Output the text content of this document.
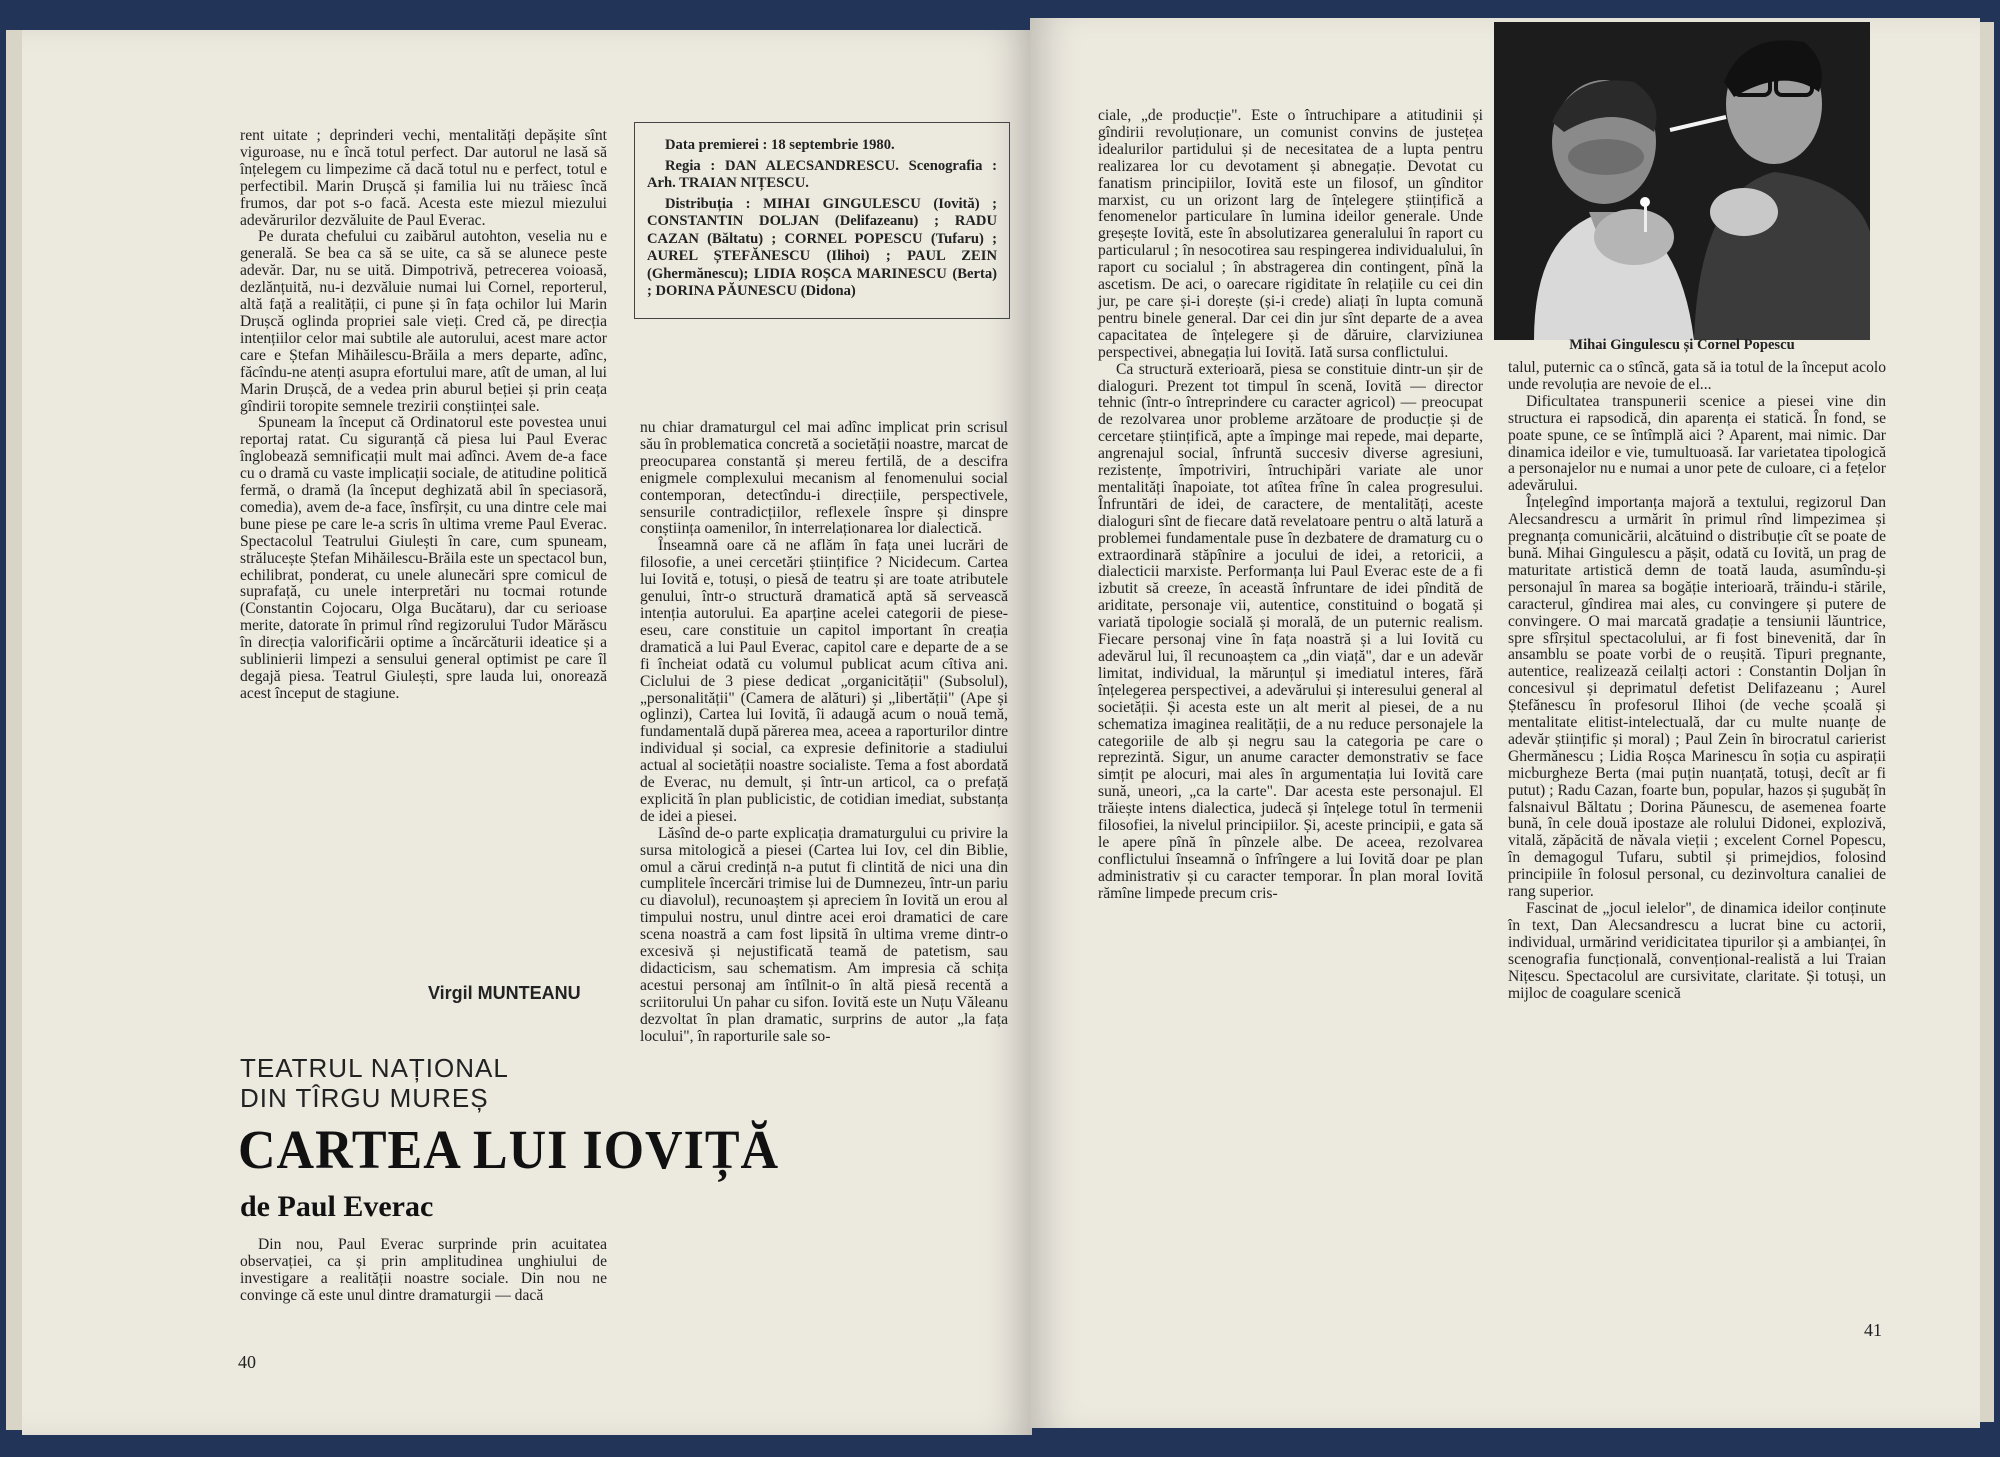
rent uitate ; deprinderi vechi, mentalități depășite sînt viguroase, nu e încă totul perfect. Dar autorul ne lasă să înțelegem cu limpezime că dacă totul nu e perfect, totul e perfectibil. Marin Drușcă și familia lui nu trăiesc încă frumos, dar pot s-o facă. Acesta este miezul miezului adevărurilor dezvăluite de Paul Everac.

Pe durata chefului cu zaibărul autohton, veselia nu e generală. Se bea ca să se uite, ca să se alunece peste adevăr. Dar, nu se uită. Dimpotrivă, petrecerea voioasă, dezlănțuită, nu-i dezvăluie numai lui Cornel, reporterul, altă față a realității, ci pune și în fața ochilor lui Marin Drușcă oglinda propriei sale vieți. Cred că, pe direcția intențiilor celor mai subtile ale autorului, acest mare actor care e Ștefan Mihăilescu-Brăila a mers departe, adînc, făcîndu-ne atenți asupra efortului mare, atît de uman, al lui Marin Drușcă, de a vedea prin aburul beției și prin ceața gîndirii toropite semnele trezirii conștiinței sale.

Spuneam la început că Ordinatorul este povestea unui reportaj ratat. Cu siguranță că piesa lui Paul Everac înglobează semnificații mult mai adînci. Avem de-a face cu o dramă cu vaste implicații sociale, de atitudine politică fermă, o dramă (la început deghizată abil în speciasoră, comedia), avem de-a face, însfîrșit, cu una dintre cele mai bune piese pe care le-a scris în ultima vreme Paul Everac. Spectacolul Teatrului Giulești în care, cum spuneam, strălucește Ștefan Mihăilescu-Brăila este un spectacol bun, echilibrat, ponderat, cu unele alunecări spre comicul de suprafață, cu unele interpretări nu tocmai rotunde (Constantin Cojocaru, Olga Bucătaru), dar cu serioase merite, datorate în primul rînd regizorului Tudor Mărăscu în direcția valorificării optime a încărcăturii ideatice și a sublinierii limpezi a sensului general optimist pe care îl degajă piesa. Teatrul Giulești, spre lauda lui, onorează acest început de stagiune.

Virgil MUNTEANU
TEATRUL NAȚIONAL
DIN TÎRGU MUREȘ
CARTEA LUI IOVIȚĂ
de Paul Everac

Din nou, Paul Everac surprinde prin acuitatea observației, ca și prin amplitudinea unghiului de investigare a realității noastre sociale. Din nou ne convinge că este unul dintre dramaturgii — dacă

40

Data premierei : 18 septembrie 1980.

Regia : DAN ALECSANDRESCU. Scenografia : Arh. TRAIAN NIȚESCU.

Distribuția : MIHAI GINGULESCU (Iovită) ; CONSTANTIN DOLJAN (Delifazeanu) ; RADU CAZAN (Băltatu) ; CORNEL POPESCU (Tufaru) ; AUREL ȘTEFĂNESCU (Ilihoi) ; PAUL ZEIN (Ghermănescu); LIDIA ROȘCA MARINESCU (Berta) ; DORINA PĂUNESCU (Didona)

nu chiar dramaturgul cel mai adînc implicat prin scrisul său în problematica concretă a societății noastre, marcat de preocuparea constantă și mereu fertilă, de a descifra enigmele complexului mecanism al fenomenului social contemporan, detectîndu-i direcțiile, perspectivele, sensurile contradicțiilor, reflexele înspre și dinspre conștiința oamenilor, în interrelaționarea lor dialectică.

Înseamnă oare că ne aflăm în fața unei lucrări de filosofie, a unei cercetări științifice ? Nicidecum. Cartea lui Iovită e, totuși, o piesă de teatru și are toate atributele genului, într-o structură dramatică aptă să servească intenția autorului. Ea aparține acelei categorii de piese-eseu, care constituie un capitol important în creația dramatică a lui Paul Everac, capitol care e departe de a se fi încheiat odată cu volumul publicat acum cîtiva ani. Ciclului de 3 piese dedicat „organicității" (Subsolul), „personalității" (Camera de alături) și „libertății" (Ape și oglinzi), Cartea lui Iovită, îi adaugă acum o nouă temă, fundamentală după părerea mea, aceea a raporturilor dintre individual și social, ca expresie definitorie a stadiului actual al societății noastre socialiste. Tema a fost abordată de Everac, nu demult, și într-un articol, ca o prefață explicită în plan publicistic, de cotidian imediat, substanța de idei a piesei.

Lăsînd de-o parte explicația dramaturgului cu privire la sursa mitologică a piesei (Cartea lui Iov, cel din Biblie, omul a cărui credință n-a putut fi clintită de nici una din cumplitele încercări trimise lui de Dumnezeu, într-un pariu cu diavolul), recunoaștem și apreciem în Iovită un erou al timpului nostru, unul dintre acei eroi dramatici de care scena noastră a cam fost lipsită în ultima vreme dintr-o excesivă și nejustificată teamă de patetism, sau didacticism, sau schematism. Am impresia că schița acestui personaj am întîlnit-o în altă piesă recentă a scriitorului Un pahar cu sifon. Iovită este un Nuțu Văleanu dezvoltat în plan dramatic, surprins de autor „la fața locului", în raporturile sale so-

ciale, „de producție". Este o întruchipare a atitudinii și gîndirii revoluționare, un comunist convins de justețea idealurilor partidului și de necesitatea de a lupta pentru realizarea lor cu devotament și abnegație. Devotat cu fanatism principiilor, Iovită este un filosof, un gînditor marxist, cu un orizont larg de înțelegere științifică a fenomenelor particulare în lumina ideilor generale. Unde greșește Iovită, este în absolutizarea generalului în raport cu particularul ; în nesocotirea sau respingerea individualului, în raport cu socialul ; în abstragerea din contingent, pînă la ascetism. De aci, o oarecare rigiditate în relațiile cu cei din jur, pe care și-i dorește (și-i crede) aliați în lupta comună pentru binele general. Dar cei din jur sînt departe de a avea capacitatea de înțelegere și de dăruire, clarviziunea perspectivei, abnegația lui Iovită. Iată sursa conflictului.

Ca structură exterioară, piesa se constituie dintr-un șir de dialoguri. Prezent tot timpul în scenă, Iovită — director tehnic (într-o întreprindere cu caracter agricol) — preocupat de rezolvarea unor probleme arzătoare de producție și de cercetare științifică, apte a împinge mai repede, mai departe, angrenajul social, înfruntă succesiv diverse agresiuni, rezistențe, împotriviri, întruchipări variate ale unor mentalități înapoiate, tot atîtea frîne în calea progresului. Înfruntări de idei, de caractere, de mentalități, aceste dialoguri sînt de fiecare dată revelatoare pentru o altă latură a problemei fundamentale puse în dezbatere de dramaturg cu o extraordinară stăpînire a jocului de idei, a retoricii, a dialecticii marxiste. Performanța lui Paul Everac este de a fi izbutit să creeze, în această înfruntare de idei pîndită de ariditate, personaje vii, autentice, constituind o bogată și variată tipologie socială și morală, de un puternic realism. Fiecare personaj vine în fața noastră și a lui Iovită cu adevărul lui, îl recunoaștem ca „din viață", dar e un adevăr limitat, individual, la mărunțul și imediatul interes, fără înțelegerea perspectivei, a adevărului și interesului general al societății. Și acesta este un alt merit al piesei, de a nu schematiza imaginea realității, de a nu reduce personajele la categoriile de alb și negru sau la categoria pe care o reprezintă. Sigur, un anume caracter demonstrativ se face simțit pe alocuri, mai ales în argumentația lui Iovită care sună, uneori, „ca la carte". Dar acesta este personajul. El trăiește intens dialectica, judecă și înțelege totul în termenii filosofiei, la nivelul principiilor. Și, aceste principii, e gata să le apere pînă în pînzele albe. De aceea, rezolvarea conflictului înseamnă o înfrîngere a lui Iovită doar pe plan administrativ și cu caracter temporar. În plan moral Iovită rămîne limpede precum cris-

Mihai Gingulescu și Cornel Popescu

talul, puternic ca o stîncă, gata să ia totul de la început acolo unde revoluția are nevoie de el...

Dificultatea transpunerii scenice a piesei vine din structura ei rapsodică, din aparența ei statică. În fond, se poate spune, ce se întîmplă aici ? Aparent, mai nimic. Dar dinamica ideilor e vie, tumultuoasă. Iar varietatea tipologică a personajelor nu e numai a unor pete de culoare, ci a fețelor adevărului.

Înțelegînd importanța majoră a textului, regizorul Dan Alecsandrescu a urmărit în primul rînd limpezimea și pregnanța comunicării, alcătuind o distribuție cît se poate de bună. Mihai Gingulescu a pășit, odată cu Iovită, un prag de maturitate artistică demn de toată lauda, asumîndu-și personajul în marea sa bogăție interioară, trăindu-i stările, caracterul, gîndirea mai ales, cu convingere și putere de convingere. O mai marcată gradație a tensiunii lăuntrice, spre sfîrșitul spectacolului, ar fi fost binevenită, dar în ansamblu se poate vorbi de o reușită. Tipuri pregnante, autentice, realizează ceilalți actori : Constantin Doljan în concesivul și deprimatul defetist Delifazeanu ; Aurel Ștefănescu în profesorul Ilihoi (de veche școală și mentalitate elitist-intelectuală, dar cu multe nuanțe de adevăr științific și moral) ; Paul Zein în birocratul carierist Ghermănescu ; Lidia Roșca Marinescu în soția cu aspirații micburgheze Berta (mai puțin nuanțată, totuși, decît ar fi putut) ; Radu Cazan, foarte bun, popular, hazos și șugubăț în falsnaivul Băltatu ; Dorina Păunescu, de asemenea foarte bună, în cele două ipostaze ale rolului Didonei, explozivă, vitală, zăpăcită de năvala vieții ; excelent Cornel Popescu, în demagogul Tufaru, subtil și primejdios, folosind principiile în folosul personal, cu dezinvoltura canaliei de rang superior.

Fascinat de „jocul ielelor", de dinamica ideilor conținute în text, Dan Alecsandrescu a lucrat bine cu actorii, individual, urmărind veridicitatea tipurilor și a ambianței, în scenografia funcțională, convențional-realistă a lui Traian Nițescu. Spectacolul are cursivitate, claritate. Și totuși, un mijloc de coagulare scenică

41
